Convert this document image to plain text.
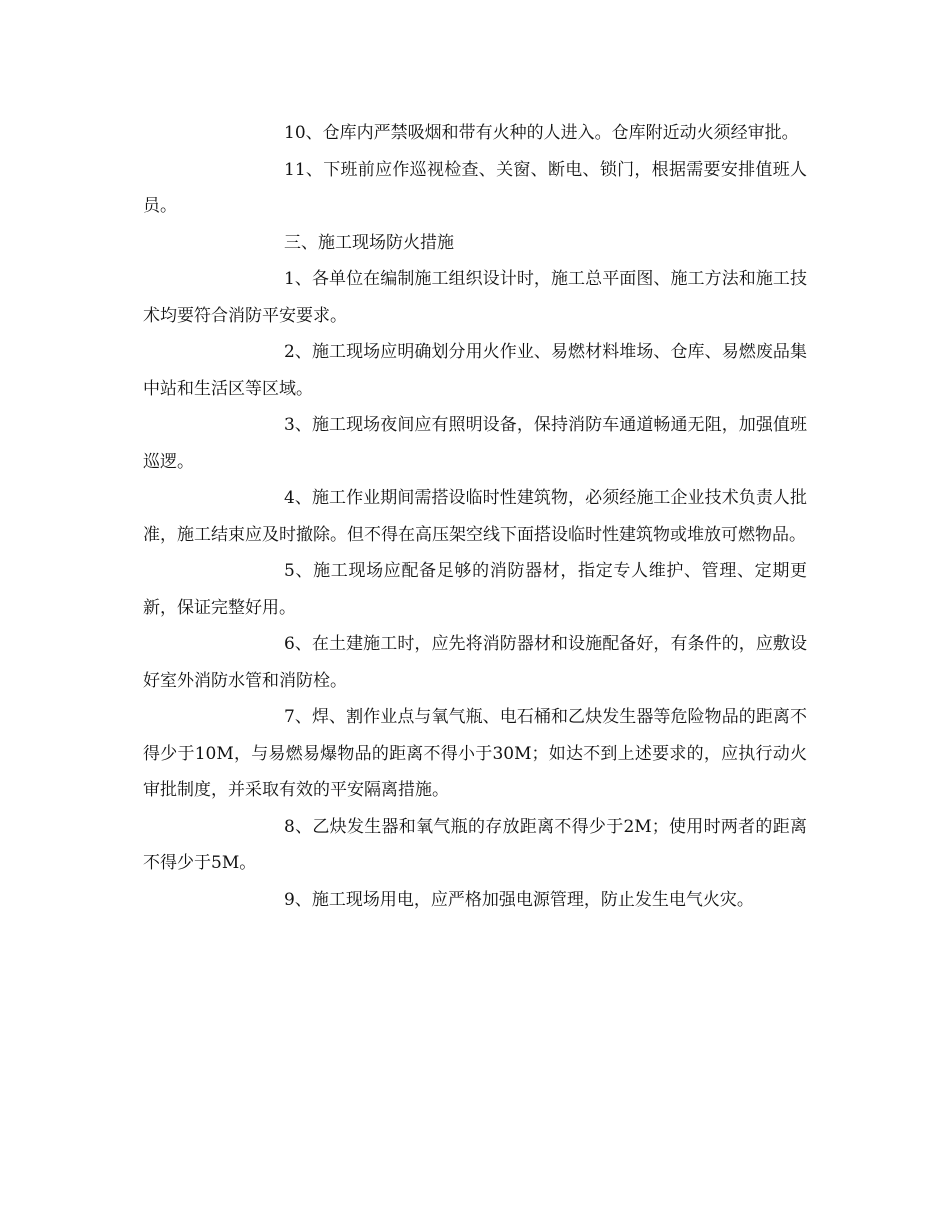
10、仓库内严禁吸烟和带有火种的人进入。仓库附近动火须经审批。

11、下班前应作巡视检查、关窗、断电、锁门，根据需要安排值班人员。

三、施工现场防火措施

1、各单位在编制施工组织设计时，施工总平面图、施工方法和施工技术均要符合消防平安要求。

2、施工现场应明确划分用火作业、易燃材料堆场、仓库、易燃废品集中站和生活区等区域。

3、施工现场夜间应有照明设备，保持消防车通道畅通无阻，加强值班巡逻。

4、施工作业期间需搭设临时性建筑物，必须经施工企业技术负责人批准，施工结束应及时撤除。但不得在高压架空线下面搭设临时性建筑物或堆放可燃物品。

5、施工现场应配备足够的消防器材，指定专人维护、管理、定期更新，保证完整好用。

6、在土建施工时，应先将消防器材和设施配备好，有条件的，应敷设好室外消防水管和消防栓。

7、焊、割作业点与氧气瓶、电石桶和乙炔发生器等危险物品的距离不得少于10M，与易燃易爆物品的距离不得小于30M；如达不到上述要求的，应执行动火审批制度，并采取有效的平安隔离措施。

8、乙炔发生器和氧气瓶的存放距离不得少于2M；使用时两者的距离不得少于5M。

9、施工现场用电，应严格加强电源管理，防止发生电气火灾。
